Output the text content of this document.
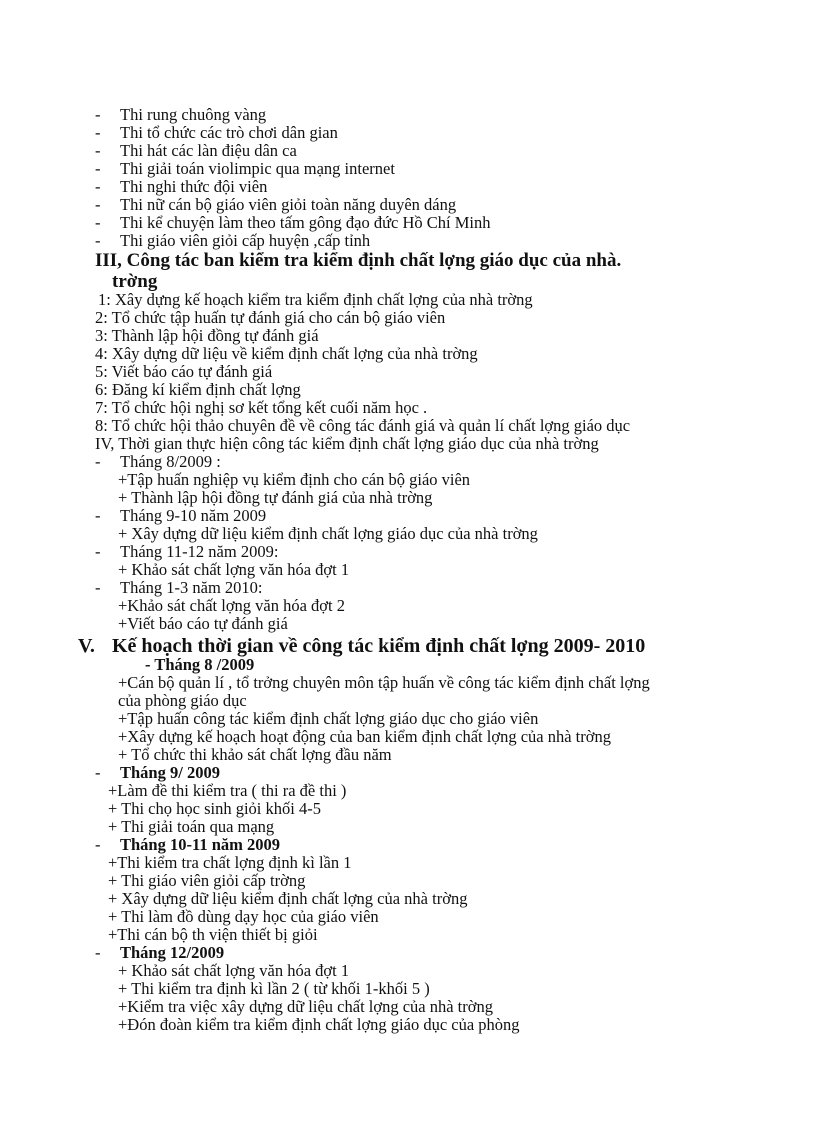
- Thi rung chuông vàng
- Thi tổ chức các trò chơi dân gian
- Thi hát các làn điệu dân ca
- Thi giải toán violimpic qua mạng internet
- Thi nghi thức đội viên
- Thi nữ cán bộ giáo viên giỏi toàn năng duyên dáng
- Thi kể chuyện làm theo tấm gông đạo đức Hồ Chí Minh
- Thi giáo viên giỏi cấp huyện ,cấp tỉnh
III, Công tác ban kiểm tra kiểm định chất lợng giáo dục của nhà.
trờng
1: Xây dựng kế hoạch kiểm tra kiểm định chất lợng của nhà trờng
2: Tổ chức tập huấn tự đánh giá cho cán bộ giáo viên
3: Thành lập hội đồng tự đánh giá
4: Xây dựng dữ liệu về kiểm định chất lợng của nhà trờng
5: Viết báo cáo tự đánh giá
6: Đăng kí kiểm định chất lợng
7: Tổ chức hội nghị sơ kết tổng kết cuối năm học .
8: Tổ chức hội thảo chuyên đề về công tác đánh giá và quản lí chất lợng giáo dục
IV, Thời gian thực hiện công tác kiểm định chất lợng giáo dục của nhà trờng
- Tháng 8/2009 :
+Tập huấn nghiệp vụ kiểm định cho cán bộ giáo viên
+ Thành lập hội đồng tự đánh giá của nhà trờng
- Tháng 9-10 năm 2009
+ Xây dựng dữ liệu kiểm định chất lợng giáo dục của nhà trờng
- Tháng 11-12 năm 2009:
+ Khảo sát chất lợng văn hóa đợt 1
- Tháng 1-3 năm 2010:
+Khảo sát chất lợng văn hóa đợt 2
+Viết báo cáo tự đánh giá
V. Kế hoạch thời gian về công tác kiểm định chất lợng 2009- 2010
- Tháng 8 /2009
+Cán bộ quản lí , tổ trởng chuyên môn tập huấn về công tác kiểm định chất lợng
của phòng giáo dục
+Tập huấn công tác kiểm định chất lợng giáo dục cho giáo viên
+Xây dựng kế hoạch hoạt động của ban kiểm định chất lợng của nhà trờng
+ Tổ chức thi khảo sát chất lợng đầu năm
- Tháng 9/ 2009
+Làm đề thi kiểm tra ( thi ra đề thi )
+ Thi chọ học sinh giỏi khối 4-5
+ Thi giải toán qua mạng
- Tháng 10-11 năm 2009
+Thi kiểm tra chất lợng định kì lần 1
+ Thi giáo viên giỏi cấp trờng
+ Xây dựng dữ liệu kiểm định chất lợng của nhà trờng
+ Thi làm đồ dùng dạy học của giáo viên
+Thi cán bộ th viện thiết bị giỏi
- Tháng 12/2009
+ Khảo sát chất lợng văn hóa đợt 1
+ Thi kiểm tra định kì lần 2 ( từ khối 1-khối 5 )
+Kiểm tra việc xây dựng dữ liệu chất lợng của nhà trờng
+Đón đoàn kiểm tra kiểm định chất lợng giáo dục của phòng
